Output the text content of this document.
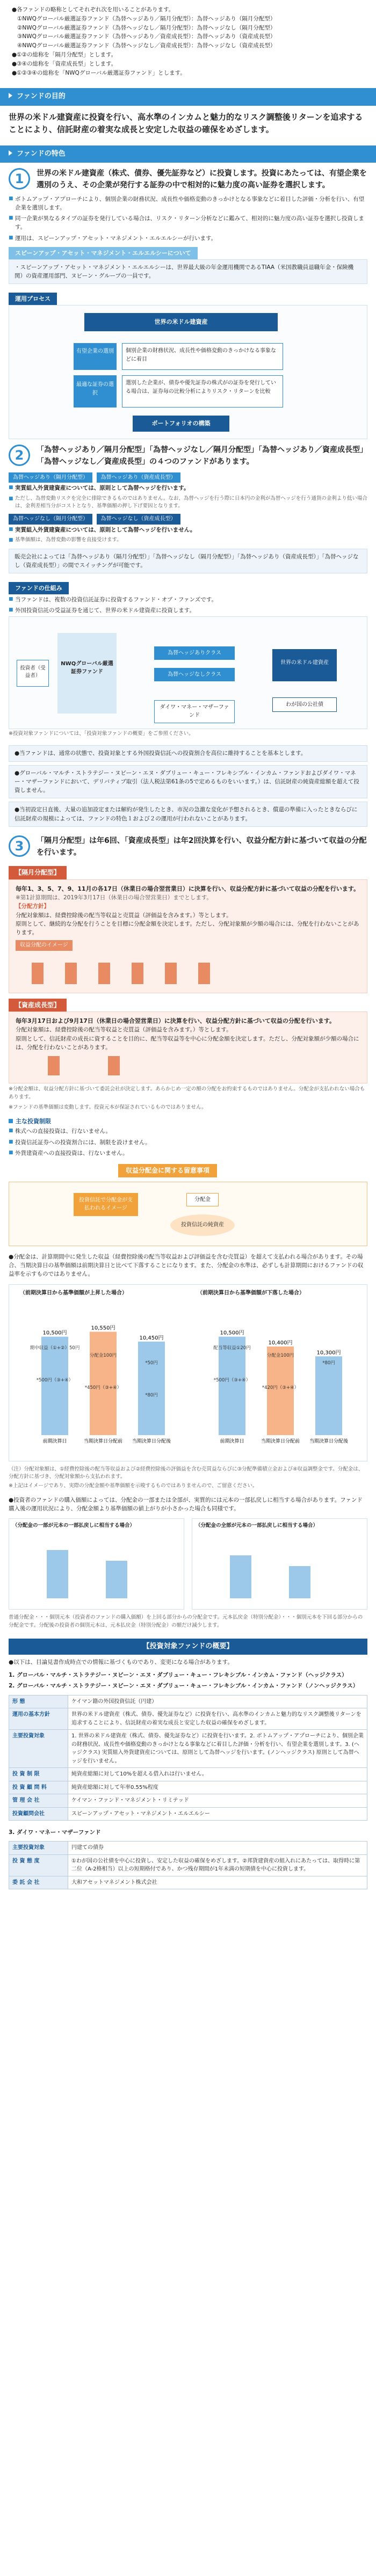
●各ファンドの略称としてそれぞれ次を用いることがあります。

①NWQグローバル厳選証券ファンド（為替ヘッジあり／隔月分配型）：為替ヘッジあり（隔月分配型）

②NWQグローバル厳選証券ファンド（為替ヘッジなし／隔月分配型）：為替ヘッジなし（隔月分配型）

③NWQグローバル厳選証券ファンド（為替ヘッジあり／資産成長型）：為替ヘッジあり（資産成長型）

④NWQグローバル厳選証券ファンド（為替ヘッジなし／資産成長型）：為替ヘッジなし（資産成長型）

●①②の総称を「隔月分配型」とします。

●③④の総称を「資産成長型」とします。

●①②③④の総称を「NWQグローバル厳選証券ファンド」とします。

ファンドの目的
世界の米ドル建資産に投資を行い、高水準のインカムと魅力的なリスク調整後リターンを追求することにより、信託財産の着実な成長と安定した収益の確保をめざします。
ファンドの特色
1	世界の米ドル建資産（株式、債券、優先証券など）に投資します。投資にあたっては、有望企業を選別のうえ、その企業が発行する証券の中で相対的に魅力度の高い証券を選択します。
■ ボトムアップ・アプローチにより、個別企業の財務状況、成長性や価格変動のきっかけとなる事象などに着目した評価・分析を行い、有望企業を選別します。
■ 同一企業が異なるタイプの証券を発行している場合は、リスク・リターン分析などに鑑みて、相対的に魅力度の高い証券を選択し投資します。
■ 運用は、スピーンアップ・アセット・マネジメント・エルエルシーが行います。
スピーンアップ・アセット・マネジメント・エルエルシーについて
・スピーンアップ・アセット・マネジメント・エルエルシーは、世界最大級の年金運用機関であるTIAA（米国教職員退職年金・保険機関）の資産運用部門、ヌビーン・グループの一員です。
運用プロセス
世界の米ドル建資産
有望企業の選別	個別企業の財務状況、成長性や価格変動のきっかけなる事象などに着目
最適な証券の選択
選別した企業が、債券や優先証券の株式がの証券を発行している場合は、証券毎の比較分析によりリスク・リターンを比較
ポートフォリオの構築
2	「為替ヘッジあり／隔月分配型」「為替ヘッジなし／隔月分配型」「為替ヘッジあり／資産成長型」「為替ヘッジなし／資産成長型」の４つのファンドがあります。
為替ヘッジあり（隔月分配型） 為替ヘッジあり（資産成長型）
■ 実質組入外貨建資産については、原則として為替ヘッジを行います。
■ ただし、為替変動リスクを完全に排除できるものではありません。なお、為替ヘッジを行う際に日本円の金利が為替ヘッジを行う通貨の金利より低い場合は、金利差相当分がコストとなり、基準価額の押し下げ要因となります。
為替ヘッジなし（隔月分配型） 為替ヘッジなし（資産成長型）
■ 実質組入外貨建資産については、原則として為替ヘッジを行いません。
■ 基準価額は、為替変動の影響を直接受けます。
販売会社によっては「為替ヘッジあり（隔月分配型）」「為替ヘッジなし（隔月分配型）」「為替ヘッジあり（資産成長型）」「為替ヘッジなし（資産成長型）」の間でスイッチングが可能です。
ファンドの仕組み
■ 当ファンドは、複数の投資信託証券に投資するファンド・オブ・ファンズです。
■ 外国投資信託の受益証券を通じて、世界の米ドル建資産に投資します。
投資者（受益者）
NWQグローバル厳選証券ファンド
為替ヘッジありクラス
為替ヘッジなしクラス
ダイワ・マネー・マザーファンド
世界の米ドル建資産
わが国の公社債
※投資対象ファンドについては、「投資対象ファンドの概要」をご参照ください。
●当ファンドは、通常の状態で、投資対象とする外国投資信託への投資割合を高位に維持することを基本とします。
●グローバル・マルチ・ストラテジー・ヌビーン・エヌ・ダブリュー・キュー・フレキシブル・インカム・ファンドおよびダイワ・マネー・マザーファンドにおいて、デリバティブ取引（法人税法第61条の5で定めるものをいいます。）は、信託財産の純資産総額を超えて投資しません。
●当初設定日直後、大量の追加設定または解約が発生したとき、市況の急激な変化が予想されるとき、償還の準備に入ったときならびに信託財産の規模によっては、ファンドの特色１および２の運用が行われないことがあります。
3	「隔月分配型」は年6回、「資産成長型」は年2回決算を行い、収益分配方針に基づいて収益の分配を行います。
【隔月分配型】

毎年1、3、5、7、9、11月の各17日（休業日の場合翌営業日）に決算を行い、収益分配方針に基づいて収益の分配を行います。

※第1計算期間は、2019年3月17日（休業日の場合翌営業日）までとします。

【分配方針】

分配対象額は、経費控除後の配当等収益と売買益（評価益を含みます。）等とします。

原則として、継続的な分配を行うことを目標に分配金額を決定します。ただし、分配対象額が少額の場合には、分配を行わないことがあります。

収益分配のイメージ
【資産成長型】

毎年3月17日および9月17日（休業日の場合翌営業日）に決算を行い、収益分配方針に基づいて収益の分配を行います。

分配対象額は、経費控除後の配当等収益と売買益（評価益を含みます。）等とします。

原則として、信託財産の成長に資することを目的に、配当等収益等を中心に分配金額を決定します。ただし、分配対象額が少額の場合には、分配を行わないことがあります。

※分配金額は、収益分配方針に基づいて委託会社が決定します。あらかじめ一定の額の分配をお約束するものではありません。分配金が支払われない場合もあります。
※ファンドの基準価額は変動します。投資元本が保証されているものではありません。
主な投資制限
■ 株式への直接投資は、行ないません。
■ 投資信託証券への投資割合には、制限を設けません。
■ 外貨建資産への直接投資は、行ないません。
収益分配金に関する留意事項
投資信託で分配金が支払われるイメージ
分配金
投資信託の純資産
●分配金は、計算期間中に発生した収益（経費控除後の配当等収益および評価益を含む売買益）を超えて支払われる場合があります。その場合、当期決算日の基準価額は前期決算日と比べて下落することになります。また、分配金の水準は、必ずしも計算期間におけるファンドの収益率を示すものではありません。
（前期決算日から基準価額が上昇した場合）	（前期決算日から基準価額が下落した場合）
10,500円
前期決算日
10,550円
当期決算日分配前
10,450円
当期決算日分配後
期中収益（①+②）50円
分配金100円
*50円
*500円（③+④）
*450円（③+④）
*80円
10,500円
前期決算日
10,400円
当期決算日分配前
10,300円
当期決算日分配後
配当等収益①20円
分配金100円
*80円
*500円（③+④）
*420円（③+④）
（注）分配対象額は、①経費控除後の配当等収益および②経費控除後の評価益を含む売買益ならびに③分配準備積立金および④収益調整金です。分配金は、分配方針に基づき、分配対象額から支払われます。
※上記はイメージであり、実際の分配金額や基準価額を示唆するものではありませんので、ご留意ください。
●投資者のファンドの購入価額によっては、分配金の一部または全部が、実質的には元本の一部払戻しに相当する場合があります。ファンド購入後の運用状況により、分配金額より基準価額の値上がりが小さかった場合も同様です。
（分配金の一部が元本の一部払戻しに相当する場合）	（分配金の全部が元本の一部払戻しに相当する場合）
普通分配金・・・個別元本（投資者のファンドの購入価額）を上回る部分からの分配金です。元本払戻金（特別分配金）・・・個別元本を下回る部分からの分配金です。分配後の投資者の個別元本は、元本払戻金（特別分配金）の額だけ減少します。
【投資対象ファンドの概要】
●以下は、目論見書作成時点での情報に基づくものであり、変更になる場合があります。
1. グローバル・マルチ・ストラテジー・ヌビーン・エヌ・ダブリュー・キュー・フレキシブル・インカム・ファンド（ヘッジクラス）
2. グローバル・マルチ・ストラテジー・ヌビーン・エヌ・ダブリュー・キュー・フレキシブル・インカム・ファンド（ノンヘッジクラス）
形 態	ケイマン籍の外国投資信託（円建）
運用の基本方針	世界の米ドル建資産（株式、債券、優先証券など）に投資を行い、高水準のインカムと魅力的なリスク調整後リターンを追求することにより、信託財産の着実な成長と安定した収益の確保をめざします。
主要投資対象	1. 世界の米ドル建資産（株式、債券、優先証券など）に投資を行います。2. ボトムアップ・アプローチにより、個別企業の財務状況、成長性や価格変動のきっかけとなる事象などに着目した評価・分析を行い、有望企業を選別します。3. (ヘッジクラス) 実質組入外貨建資産については、原則として為替ヘッジを行います。(ノンヘッジクラス) 原則として為替ヘッジを行いません。
投 資 制 限	純資産総額に対して10%を超える借入れは行いません。
投 資 顧 問 料	純資産総額に対して年率0.55%程度
管 理 会 社	ケイマン・ファンド・マネジメント・リミテッド
投資顧問会社	スピーンアップ・アセット・マネジメント・エルエルシー
3. ダイワ・マネー・マザーファンド
主要投資対象	円建ての債券
投 資 態 度	①わが国の公社債を中心に投資し、安定した収益の確保をめざします。②邦貨建資産の組入れにあたっては、取得時に第二位（A-2格相当）以上の短期格付であり、かつ残存期間が1年未満の短期債を中心に投資します。
委 託 会 社	大和アセットマネジメント株式会社
